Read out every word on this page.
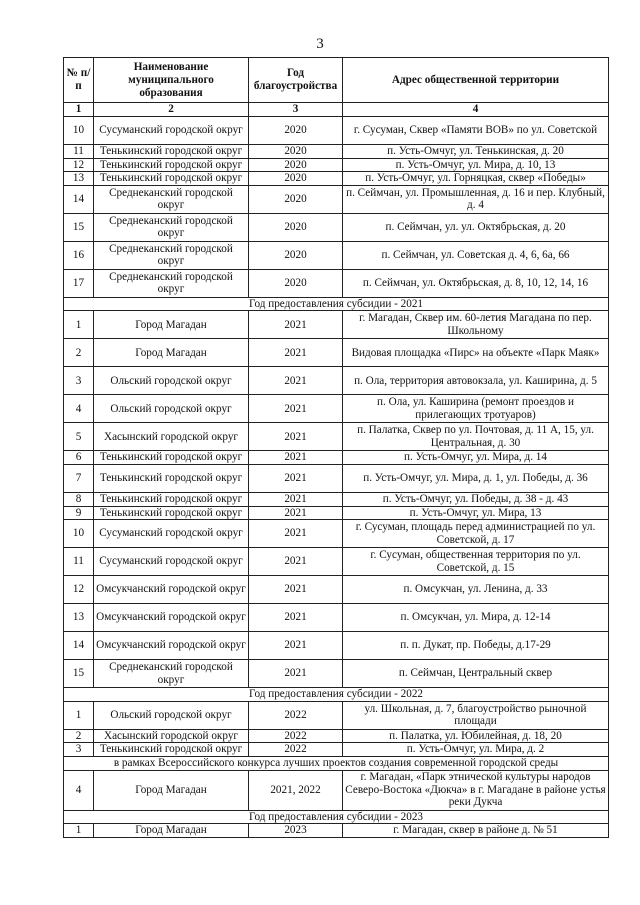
3
№ п/п	Наименование муниципального образования	Год благоустройства	Адрес общественной территории
1	2	3	4
10	Сусуманский городской округ	2020	г. Сусуман, Сквер «Памяти ВОВ» по ул. Советской
11	Тенькинский городской округ	2020	п. Усть-Омчуг, ул. Тенькинская, д. 20
12	Тенькинский городской округ	2020	п. Усть-Омчуг, ул. Мира, д. 10, 13
13	Тенькинский городской округ	2020	п. Усть-Омчуг, ул. Горняцкая, сквер «Победы»
14	Среднеканский городской округ	2020	п. Сеймчан, ул. Промышленная, д. 16 и пер. Клубный, д. 4
15	Среднеканский городской округ	2020	п. Сеймчан, ул. ул. Октябрьская, д. 20
16	Среднеканский городской округ	2020	п. Сеймчан, ул. Советская д. 4, 6, 6а, 66
17	Среднеканский городской округ	2020	п. Сеймчан, ул. Октябрьская, д. 8, 10, 12, 14, 16
Год предоставления субсидии - 2021			
1	Город Магадан	2021	г. Магадан, Сквер им. 60-летия Магадана по пер. Школьному
2	Город Магадан	2021	Видовая площадка «Пирс» на объекте «Парк Маяк»
3	Ольский городской округ	2021	п. Ола, территория автовокзала, ул. Каширина, д. 5
4	Ольский городской округ	2021	п. Ола, ул. Каширина (ремонт проездов и прилегающих тротуаров)
5	Хасынский городской округ	2021	п. Палатка, Сквер по ул. Почтовая, д. 11 А, 15, ул. Центральная, д. 30
6	Тенькинский городской округ	2021	п. Усть-Омчуг, ул. Мира, д. 14
7	Тенькинский городской округ	2021	п. Усть-Омчуг, ул. Мира, д. 1, ул. Победы, д. 36
8	Тенькинский городской округ	2021	п. Усть-Омчуг, ул. Победы, д. 38 - д. 43
9	Тенькинский городской округ	2021	п. Усть-Омчуг, ул. Мира, 13
10	Сусуманский городской округ	2021	г. Сусуман, площадь перед администрацией по ул. Советской, д. 17
11	Сусуманский городской округ	2021	г. Сусуман, общественная территория по ул. Советской, д. 15
12	Омсукчанский городской округ	2021	п. Омсукчан, ул. Ленина, д. 33
13	Омсукчанский городской округ	2021	п. Омсукчан, ул. Мира, д. 12-14
14	Омсукчанский городской округ	2021	п. п. Дукат, пр. Победы, д.17-29
15	Среднеканский городской округ	2021	п. Сеймчан, Центральный сквер
Год предоставления субсидии - 2022			
1	Ольский городской округ	2022	ул. Школьная, д. 7, благоустройство рыночной площади
2	Хасынский городской округ	2022	п. Палатка, ул. Юбилейная, д. 18, 20
3	Тенькинский городской округ	2022	п. Усть-Омчуг, ул. Мира, д. 2
в рамках Всероссийского конкурса лучших проектов создания современной городской среды			
4	Город Магадан	2021, 2022	г. Магадан, «Парк этнической культуры народов Северо-Востока «Дюкча» в г. Магадане в районе устья реки Дукча
Год предоставления субсидии - 2023			
1	Город Магадан	2023	г. Магадан, сквер в районе д. № 51
